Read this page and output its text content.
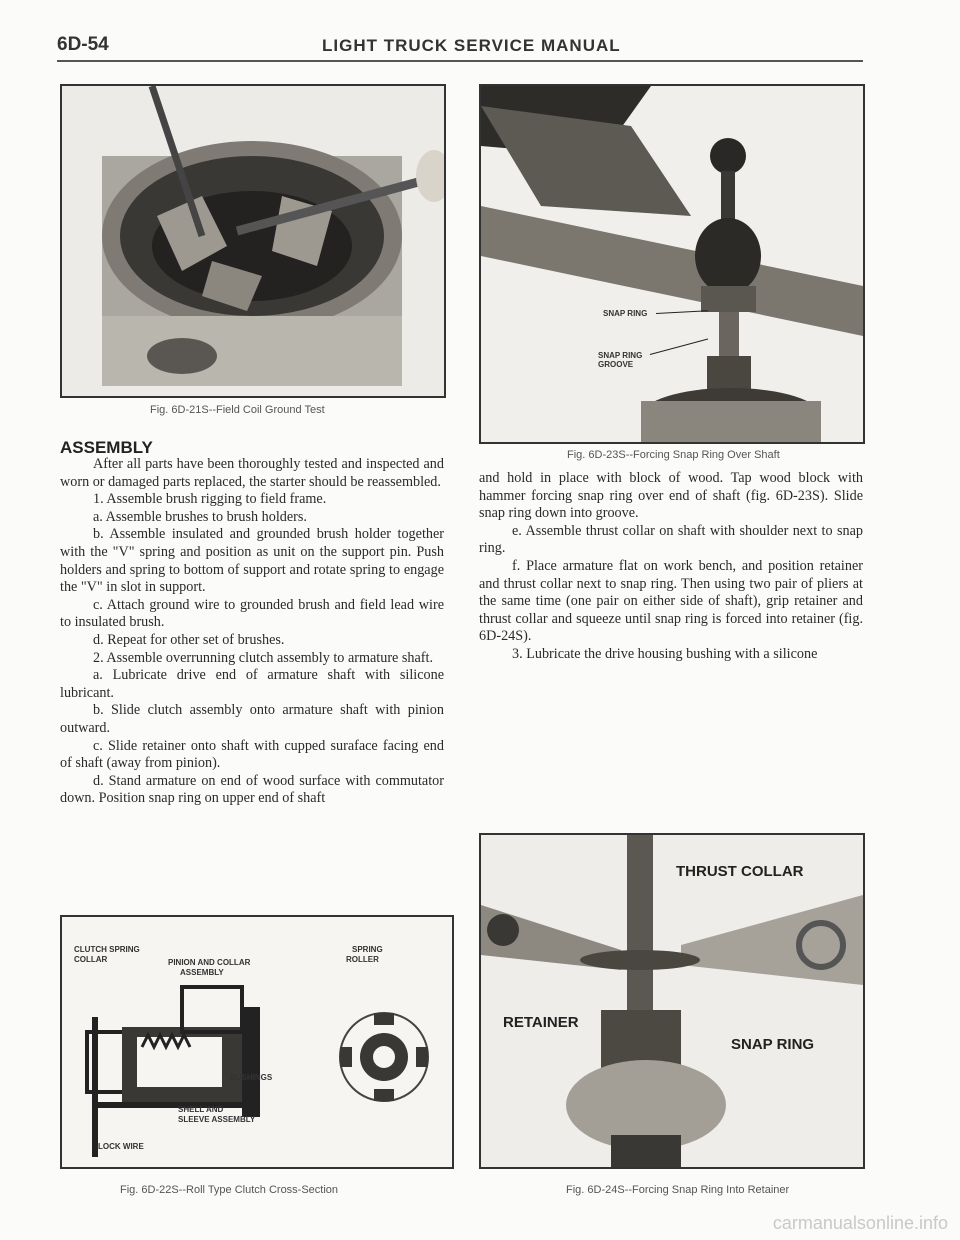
6D-54	LIGHT TRUCK SERVICE MANUAL
Fig. 6D-21S--Field Coil Ground Test
SNAP RING
SNAP RING
GROOVE
Fig. 6D-23S--Forcing Snap Ring Over Shaft
ASSEMBLY

After all parts have been thoroughly tested and inspected and worn or damaged parts replaced, the starter should be reassembled.

1. Assemble brush rigging to field frame.

a. Assemble brushes to brush holders.

b. Assemble insulated and grounded brush holder together with the "V" spring and position as unit on the support pin. Push holders and spring to bottom of support and rotate spring to engage the "V" in slot in support.

c. Attach ground wire to grounded brush and field lead wire to insulated brush.

d. Repeat for other set of brushes.

2. Assemble overrunning clutch assembly to armature shaft.

a. Lubricate drive end of armature shaft with silicone lubricant.

b. Slide clutch assembly onto armature shaft with pinion outward.

c. Slide retainer onto shaft with cupped suraface facing end of shaft (away from pinion).

d. Stand armature on end of wood surface with commutator down. Position snap ring on upper end of shaft

and hold in place with block of wood. Tap wood block with hammer forcing snap ring over end of shaft (fig. 6D-23S). Slide snap ring down into groove.

e. Assemble thrust collar on shaft with shoulder next to snap ring.

f. Place armature flat on work bench, and position retainer and thrust collar next to snap ring. Then using two pair of pliers at the same time (one pair on either side of shaft), grip retainer and thrust collar and squeeze until snap ring is forced into retainer (fig. 6D-24S).

3. Lubricate the drive housing bushing with a silicone

CLUTCH SPRING
COLLAR	PINION AND COLLAR
ASSEMBLY
SPRING
ROLLER
BUSHINGS
SHELL AND
SLEEVE ASSEMBLY
LOCK WIRE
Fig. 6D-22S--Roll Type Clutch Cross-Section
THRUST COLLAR
RETAINER
SNAP RING
Fig. 6D-24S--Forcing Snap Ring Into Retainer
carmanualsonline.info
